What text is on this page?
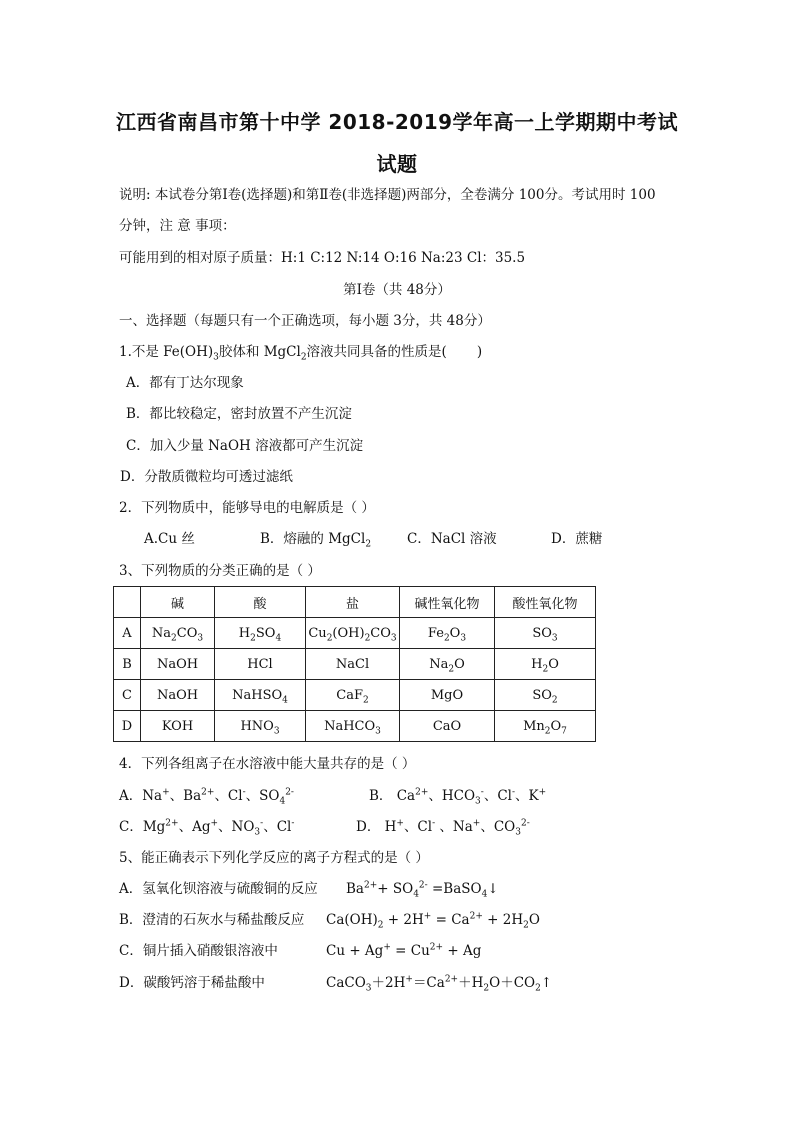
江西省南昌市第十中学 2018-2019学年高一上学期期中考试
试题
说明: 本试卷分第Ⅰ卷(选择题)和第Ⅱ卷(非选择题)两部分，全卷满分 100分。考试用时 100
分钟，注 意 事项：
可能用到的相对原子质量：H:1 C:12 N:14 O:16 Na:23 Cl：35.5
第Ⅰ卷（共 48分）
一、选择题（每题只有一个正确选项，每小题 3分，共 48分）
1.不是 $Fe(OH)_3$胶体和 MgCl$_2$溶液共同具备的性质是( )
A．都有丁达尔现象
B．都比较稳定，密封放置不产生沉淀
C．加入少量 NaOH 溶液都可产生沉淀
D．分散质微粒均可透过滤纸
2．下列物质中，能够导电的电解质是（ ）
A.Cu 丝	B．熔融的 MgCl$_2$	C．NaCl 溶液	D．蔗糖
3、下列物质的分类正确的是（ ）
	碱	酸	盐	碱性氧化物	酸性氧化物
A	$Na_2CO_3$	$H_2SO_4$	$Cu_2(OH)_2CO_3$	$Fe_2O_3$	$SO_3$
B	NaOH	HCl	NaCl	$Na_2O$	$H_2O$
C	NaOH	NaHSO$_4$	CaF$_2$	MgO	$SO_2$
D	KOH	$HNO_3$	NaHCO$_3$	CaO	$Mn_2O_7$
4．下列各组离子在水溶液中能大量共存的是（ ）
A．Na+、$Ba^{2+}$、Cl-、$SO_4^{2-}$	B． $Ca^{2+}$、$HCO_3^-$、Cl-、K+
C．$Mg^{2+}$、Ag+、$NO_3^-$、Cl-	D． H+、Cl- 、Na+、$CO_3^{2-}$
5、能正确表示下列化学反应的离子方程式的是（ ）
A．氢氧化钡溶液与硫酸铜的反应 $Ba^{2+}+ SO_4^{2-}$ =BaSO$_4$↓
B．澄清的石灰水与稀盐酸反应 $Ca(OH)_2 + 2H^+ = Ca^{2+} + 2H_2O$
C．铜片插入硝酸银溶液中	$Cu + Ag^+ = Cu^{2+} + Ag$
D．碳酸钙溶于稀盐酸中	$CaCO_3+2H^+=Ca^{2+}+H_2O+CO_2↑$
